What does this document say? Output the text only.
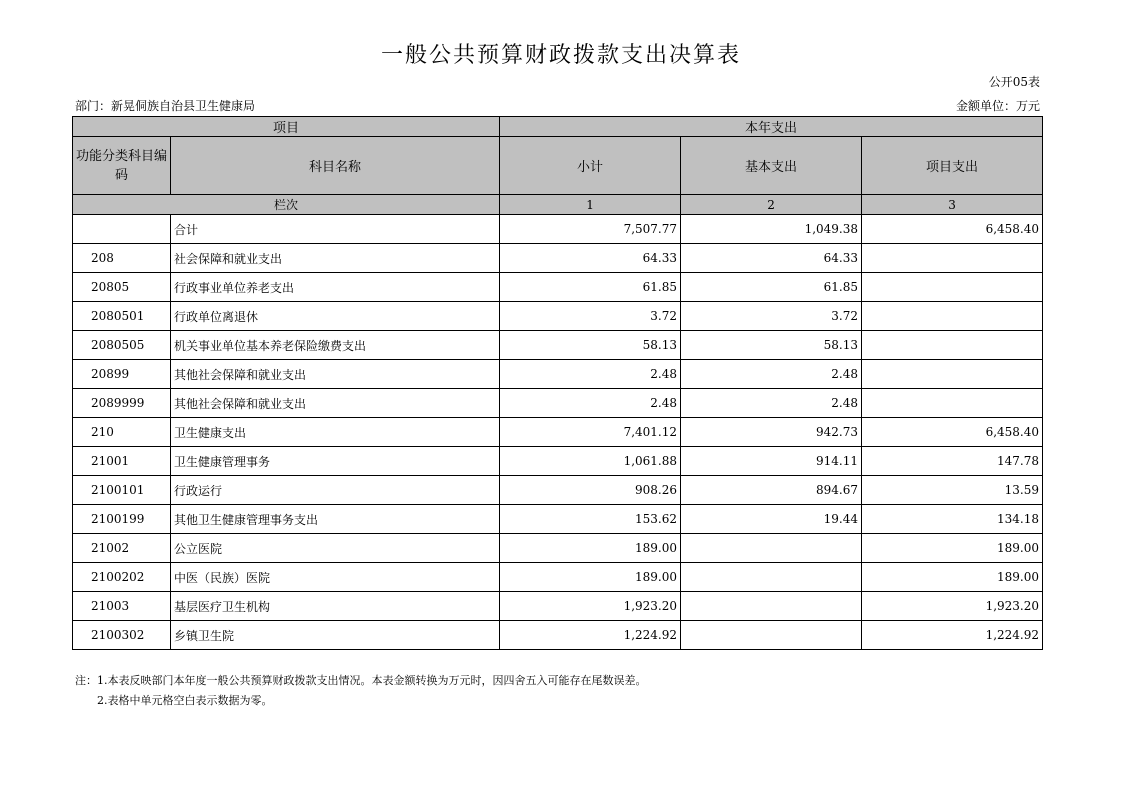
一般公共预算财政拨款支出决算表
公开05表
部门：新晃侗族自治县卫生健康局	金额单位：万元
项目		本年支出		
功能分类科目编码	科目名称	小计	基本支出	项目支出
栏次		1	2	3
	合计	7,507.77	1,049.38	6,458.40
208	社会保障和就业支出	64.33	64.33	
20805	行政事业单位养老支出	61.85	61.85	
2080501	行政单位离退休	3.72	3.72	
2080505	机关事业单位基本养老保险缴费支出	58.13	58.13	
20899	其他社会保障和就业支出	2.48	2.48	
2089999	其他社会保障和就业支出	2.48	2.48	
210	卫生健康支出	7,401.12	942.73	6,458.40
21001	卫生健康管理事务	1,061.88	914.11	147.78
2100101	行政运行	908.26	894.67	13.59
2100199	其他卫生健康管理事务支出	153.62	19.44	134.18
21002	公立医院	189.00		189.00
2100202	中医（民族）医院	189.00		189.00
21003	基层医疗卫生机构	1,923.20		1,923.20
2100302	乡镇卫生院	1,224.92		1,224.92
注：1.本表反映部门本年度一般公共预算财政拨款支出情况。本表金额转换为万元时，因四舍五入可能存在尾数误差。
2.表格中单元格空白表示数据为零。
